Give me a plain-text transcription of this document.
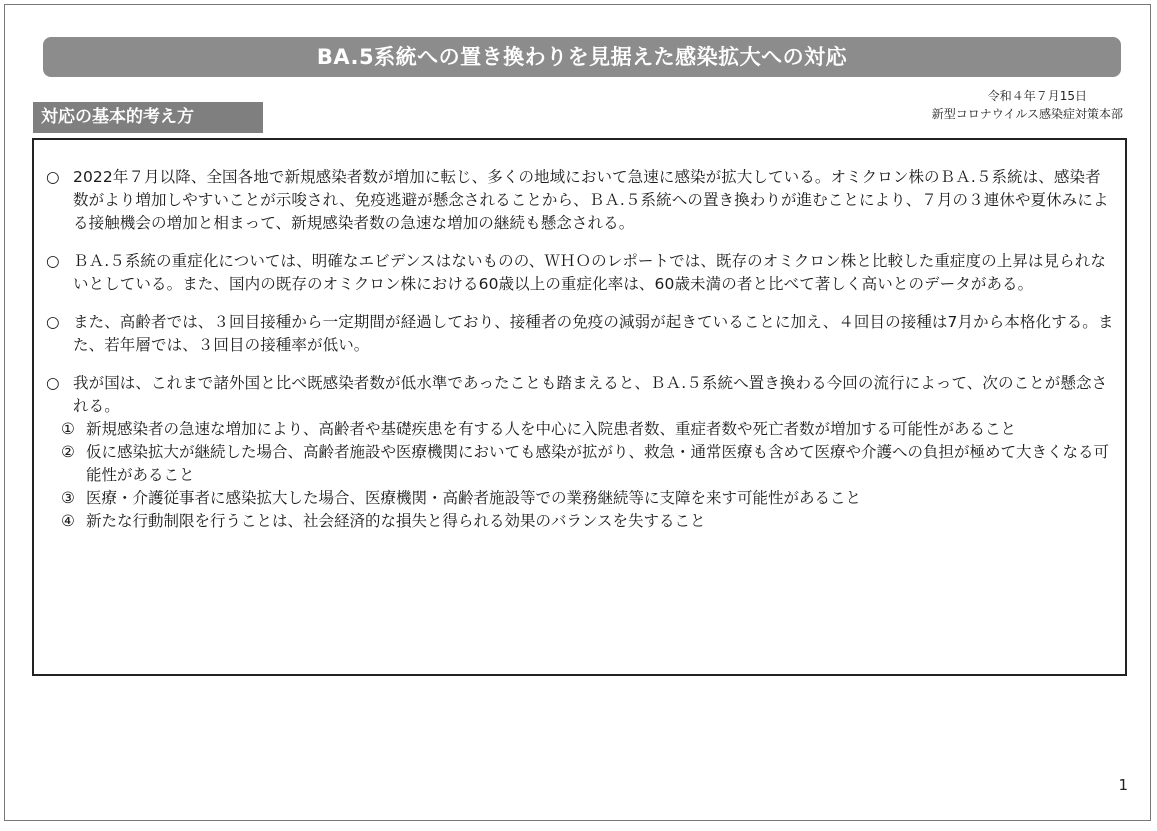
BA.5系統への置き換わりを見据えた感染拡大への対応
令和４年７月15日
新型コロナウイルス感染症対策本部
対応の基本的考え方

○ 2022年７月以降、全国各地で新規感染者数が増加に転じ、多くの地域において急速に感染が拡大している。オミクロン株のＢＡ.５系統は、感染者数がより増加しやすいことが示唆され、免疫逃避が懸念されることから、ＢＡ.５系統への置き換わりが進むことにより、７月の３連休や夏休みによる接触機会の増加と相まって、新規感染者数の急速な増加の継続も懸念される。

○ ＢＡ.５系統の重症化については、明確なエビデンスはないものの、ＷＨＯのレポートでは、既存のオミクロン株と比較した重症度の上昇は見られないとしている。また、国内の既存のオミクロン株における60歳以上の重症化率は、60歳未満の者と比べて著しく高いとのデータがある。

○ また、高齢者では、３回目接種から一定期間が経過しており、接種者の免疫の減弱が起きていることに加え、４回目の接種は7月から本格化する。また、若年層では、３回目の接種率が低い。

○ 我が国は、これまで諸外国と比べ既感染者数が低水準であったことも踏まえると、ＢＡ.５系統へ置き換わる今回の流行によって、次のことが懸念される。

① 新規感染者の急速な増加により、高齢者や基礎疾患を有する人を中心に入院患者数、重症者数や死亡者数が増加する可能性があること

② 仮に感染拡大が継続した場合、高齢者施設や医療機関においても感染が拡がり、救急・通常医療も含めて医療や介護への負担が極めて大きくなる可能性があること

③ 医療・介護従事者に感染拡大した場合、医療機関・高齢者施設等での業務継続等に支障を来す可能性があること

④ 新たな行動制限を行うことは、社会経済的な損失と得られる効果のバランスを失すること

1
